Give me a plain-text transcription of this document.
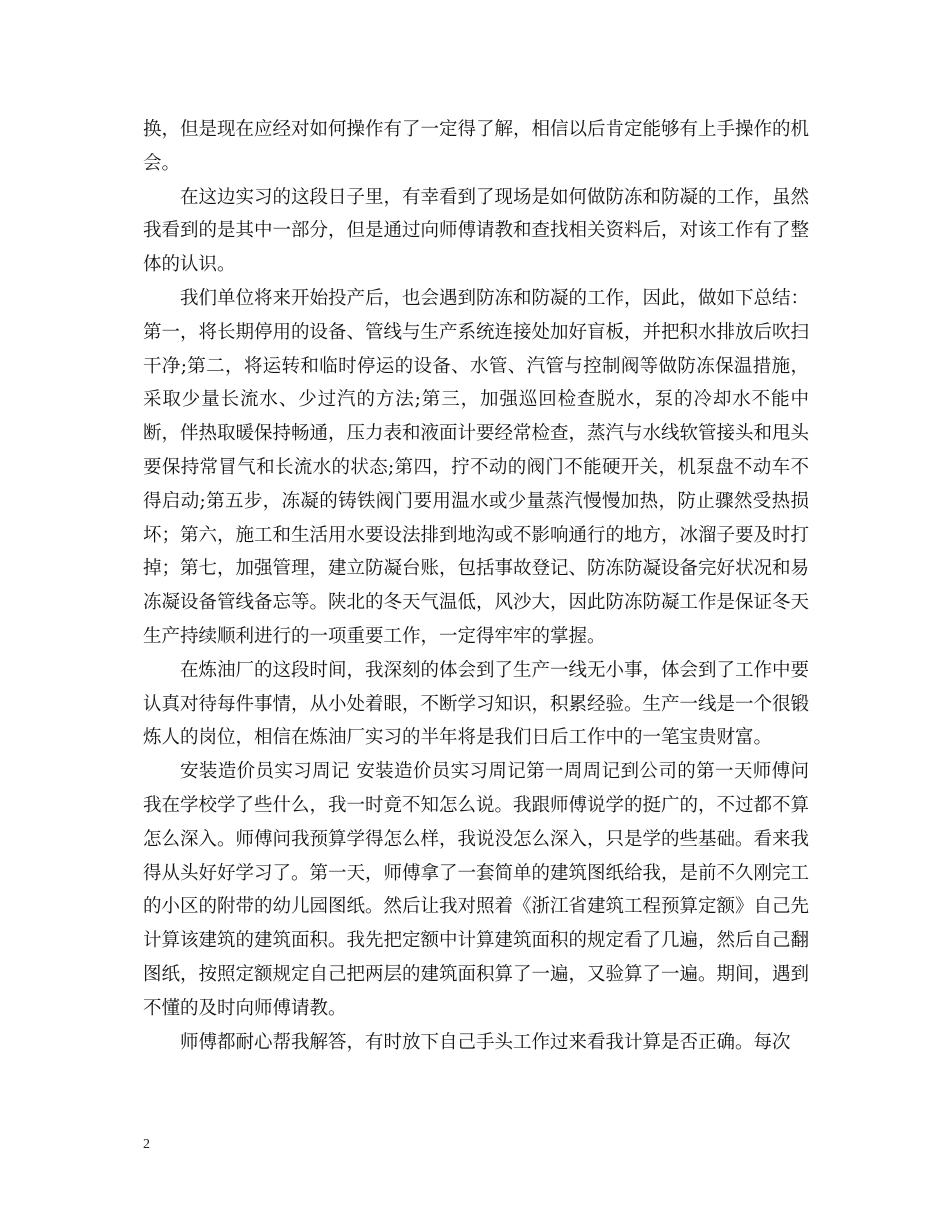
换，但是现在应经对如何操作有了一定得了解，相信以后肯定能够有上手操作的机会。

在这边实习的这段日子里，有幸看到了现场是如何做防冻和防凝的工作，虽然我看到的是其中一部分，但是通过向师傅请教和查找相关资料后，对该工作有了整体的认识。

我们单位将来开始投产后，也会遇到防冻和防凝的工作，因此，做如下总结：第一，将长期停用的设备、管线与生产系统连接处加好盲板，并把积水排放后吹扫干净;第二，将运转和临时停运的设备、水管、汽管与控制阀等做防冻保温措施，采取少量长流水、少过汽的方法;第三，加强巡回检查脱水，泵的冷却水不能中断，伴热取暖保持畅通，压力表和液面计要经常检查，蒸汽与水线软管接头和甩头要保持常冒气和长流水的状态;第四，拧不动的阀门不能硬开关，机泵盘不动车不得启动;第五步，冻凝的铸铁阀门要用温水或少量蒸汽慢慢加热，防止骤然受热损坏；第六，施工和生活用水要设法排到地沟或不影响通行的地方，冰溜子要及时打掉；第七，加强管理，建立防凝台账，包括事故登记、防冻防凝设备完好状况和易冻凝设备管线备忘等。陕北的冬天气温低，风沙大，因此防冻防凝工作是保证冬天生产持续顺利进行的一项重要工作，一定得牢牢的掌握。

在炼油厂的这段时间，我深刻的体会到了生产一线无小事，体会到了工作中要认真对待每件事情，从小处着眼，不断学习知识，积累经验。生产一线是一个很锻炼人的岗位，相信在炼油厂实习的半年将是我们日后工作中的一笔宝贵财富。

安装造价员实习周记 安装造价员实习周记第一周周记到公司的第一天师傅问我在学校学了些什么，我一时竟不知怎么说。我跟师傅说学的挺广的，不过都不算怎么深入。师傅问我预算学得怎么样，我说没怎么深入，只是学的些基础。看来我得从头好好学习了。第一天，师傅拿了一套简单的建筑图纸给我，是前不久刚完工的小区的附带的幼儿园图纸。然后让我对照着《浙江省建筑工程预算定额》自己先计算该建筑的建筑面积。我先把定额中计算建筑面积的规定看了几遍，然后自己翻图纸，按照定额规定自己把两层的建筑面积算了一遍，又验算了一遍。期间，遇到不懂的及时向师傅请教。

师傅都耐心帮我解答，有时放下自己手头工作过来看我计算是否正确。每次

2
